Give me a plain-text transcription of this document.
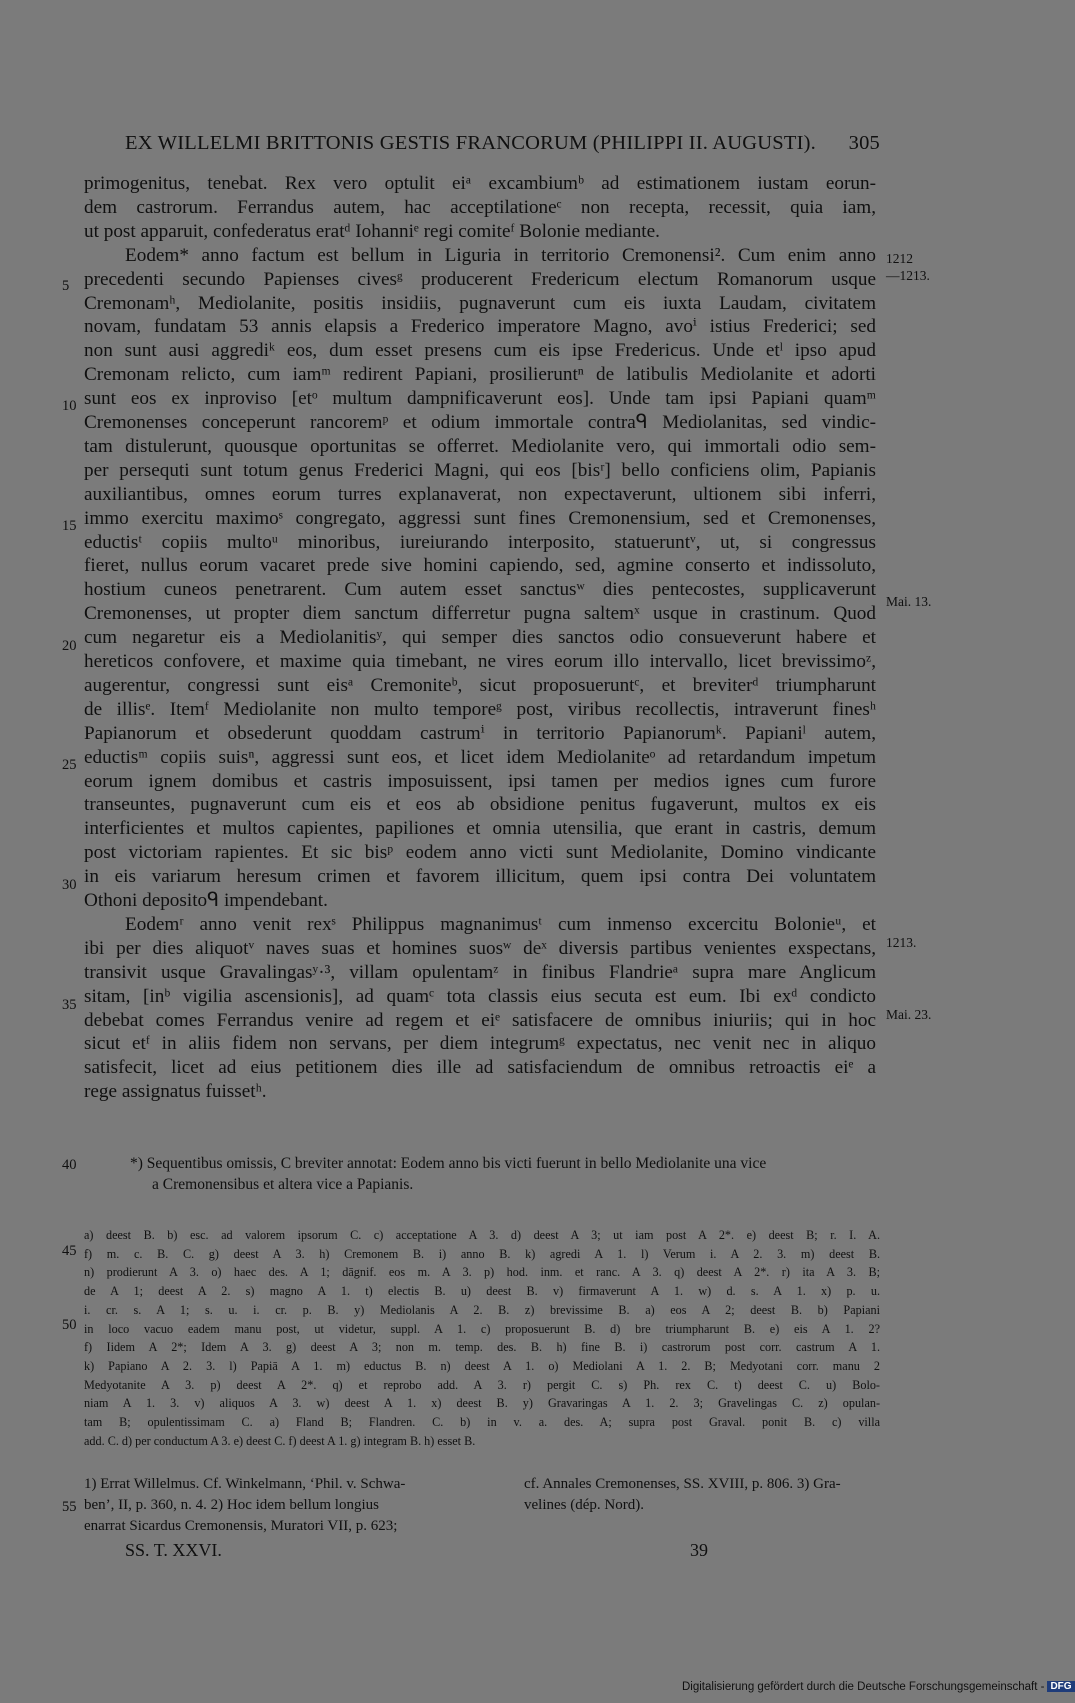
EX WILLELMI BRITTONIS GESTIS FRANCORUM (PHILIPPI II. AUGUSTI). 305
primogenitus, tenebat. Rex vero optulit eiᵃ excambiumᵇ ad estimationem iustam eorun-
dem castrorum. Ferrandus autem, hac acceptilationeᶜ non recepta, recessit, quia iam,
ut post apparuit, confederatus eratᵈ Iohanniᵉ regi comiteᶠ Bolonie mediante.
Eodem* anno factum est bellum in Liguria in territorio Cremonensi². Cum enim anno
precedenti secundo Papienses civesᵍ producerent Fredericum electum Romanorum usque
Cremonamʰ, Mediolanite, positis insidiis, pugnaverunt cum eis iuxta Laudam, civitatem
novam, fundatam 53 annis elapsis a Frederico imperatore Magno, avoⁱ istius Frederici; sed
non sunt ausi aggrediᵏ eos, dum esset presens cum eis ipse Fredericus. Unde etˡ ipso apud
Cremonam relicto, cum iamᵐ redirent Papiani, prosilieruntⁿ de latibulis Mediolanite et adorti
sunt eos ex inproviso [etᵒ multum dampnificaverunt eos]. Unde tam ipsi Papiani quamᵐ
Cremonenses conceperunt rancoremᵖ et odium immortale contraᑫ Mediolanitas, sed vindic-
tam distulerunt, quousque oportunitas se offerret. Mediolanite vero, qui immortali odio sem-
per persequti sunt totum genus Frederici Magni, qui eos [bisʳ] bello conficiens olim, Papianis
auxiliantibus, omnes eorum turres explanaverat, non expectaverunt, ultionem sibi inferri,
immo exercitu maximoˢ congregato, aggressi sunt fines Cremonensium, sed et Cremonenses,
eductisᵗ copiis multoᵘ minoribus, iureiurando interposito, statueruntᵛ, ut, si congressus
fieret, nullus eorum vacaret prede sive homini capiendo, sed, agmine conserto et indissoluto,
hostium cuneos penetrarent. Cum autem esset sanctusʷ dies pentecostes, supplicaverunt
Cremonenses, ut propter diem sanctum differretur pugna saltemˣ usque in crastinum. Quod
cum negaretur eis a Mediolanitisʸ, qui semper dies sanctos odio consueverunt habere et
hereticos confovere, et maxime quia timebant, ne vires eorum illo intervallo, licet brevissimoᶻ,
augerentur, congressi sunt eisᵃ Cremoniteᵇ, sicut proposueruntᶜ, et breviterᵈ triumpharunt
de illisᵉ. Itemᶠ Mediolanite non multo temporeᵍ post, viribus recollectis, intraverunt finesʰ
Papianorum et obsederunt quoddam castrumⁱ in territorio Papianorumᵏ. Papianiˡ autem,
eductisᵐ copiis suisⁿ, aggressi sunt eos, et licet idem Mediolaniteᵒ ad retardandum impetum
eorum ignem domibus et castris imposuissent, ipsi tamen per medios ignes cum furore
transeuntes, pugnaverunt cum eis et eos ab obsidione penitus fugaverunt, multos ex eis
interficientes et multos capientes, papiliones et omnia utensilia, que erant in castris, demum
post victoriam rapientes. Et sic bisᵖ eodem anno victi sunt Mediolanite, Domino vindicante
in eis variarum heresum crimen et favorem illicitum, quem ipsi contra Dei voluntatem
Othoni depositoᑫ impendebant.
Eodemʳ anno venit rexˢ Philippus magnanimusᵗ cum inmenso excercitu Bolonieᵘ, et
ibi per dies aliquotᵛ naves suas et homines suosʷ deˣ diversis partibus venientes exspectans,
transivit usque Gravalingasʸ·³, villam opulentamᶻ in finibus Flandrieᵃ supra mare Anglicum
sitam, [inᵇ vigilia ascensionis], ad quamᶜ tota classis eius secuta est eum. Ibi exᵈ condicto
debebat comes Ferrandus venire ad regem et eiᵉ satisfacere de omnibus iniuriis; qui in hoc
sicut etᶠ in aliis fidem non servans, per diem integrumᵍ expectatus, nec venit nec in aliquo
satisfecit, licet ad eius petitionem dies ille ad satisfaciendum de omnibus retroactis eiᵉ a
rege assignatus fuissetʰ.
5
10
15
20
25
30
35
40
45
50
55
1212
—1213.
Mai. 13.
1213.
Mai. 23.
*) Sequentibus omissis, C breviter annotat: Eodem anno bis victi fuerunt in bello Mediolanite una vice
a Cremonensibus et altera vice a Papianis.
a) deest B. b) esc. ad valorem ipsorum C. c) acceptatione A 3. d) deest A 3; ut iam post A 2*. e) deest B; r. I. A.
f) m. c. B. C. g) deest A 3. h) Cremonem B. i) anno B. k) agredi A 1. l) Verum i. A 2. 3. m) deest B.
n) prodierunt A 3. o) haec des. A 1; dāgnif. eos m. A 3. p) hod. inm. et ranc. A 3. q) deest A 2*. r) ita A 3. B;
de A 1; deest A 2. s) magno A 1. t) electis B. u) deest B. v) firmaverunt A 1. w) d. s. A 1. x) p. u.
i. cr. s. A 1; s. u. i. cr. p. B. y) Mediolanis A 2. B. z) brevissime B. a) eos A 2; deest B. b) Papiani
in loco vacuo eadem manu post, ut videtur, suppl. A 1. c) proposuerunt B. d) bre triumpharunt B. e) eis A 1. 2?
f) Iidem A 2*; Idem A 3. g) deest A 3; non m. temp. des. B. h) fine B. i) castrorum post corr. castrum A 1.
k) Papiano A 2. 3. l) Papiā A 1. m) eductus B. n) deest A 1. o) Mediolani A 1. 2. B; Medyotani corr. manu 2
Medyotanite A 3. p) deest A 2*. q) et reprobo add. A 3. r) pergit C. s) Ph. rex C. t) deest C. u) Bolo-
niam A 1. 3. v) aliquos A 3. w) deest A 1. x) deest B. y) Gravaringas A 1. 2. 3; Gravelingas C. z) opulan-
tam B; opulentissimam C. a) Fland B; Flandren. C. b) in v. a. des. A; supra post Graval. ponit B. c) villa
add. C. d) per conductum A 3. e) deest C. f) deest A 1. g) integram B. h) esset B.
1) Errat Willelmus. Cf. Winkelmann, ‘Phil. v. Schwa-
ben’, II, p. 360, n. 4. 2) Hoc idem bellum longius
enarrat Sicardus Cremonensis, Muratori VII, p. 623;
cf. Annales Cremonenses, SS. XVIII, p. 806. 3) Gra-
velines (dép. Nord).
SS. T. XXVI.	39
Digitalisierung gefördert durch die Deutsche Forschungsgemeinschaft - DFG
